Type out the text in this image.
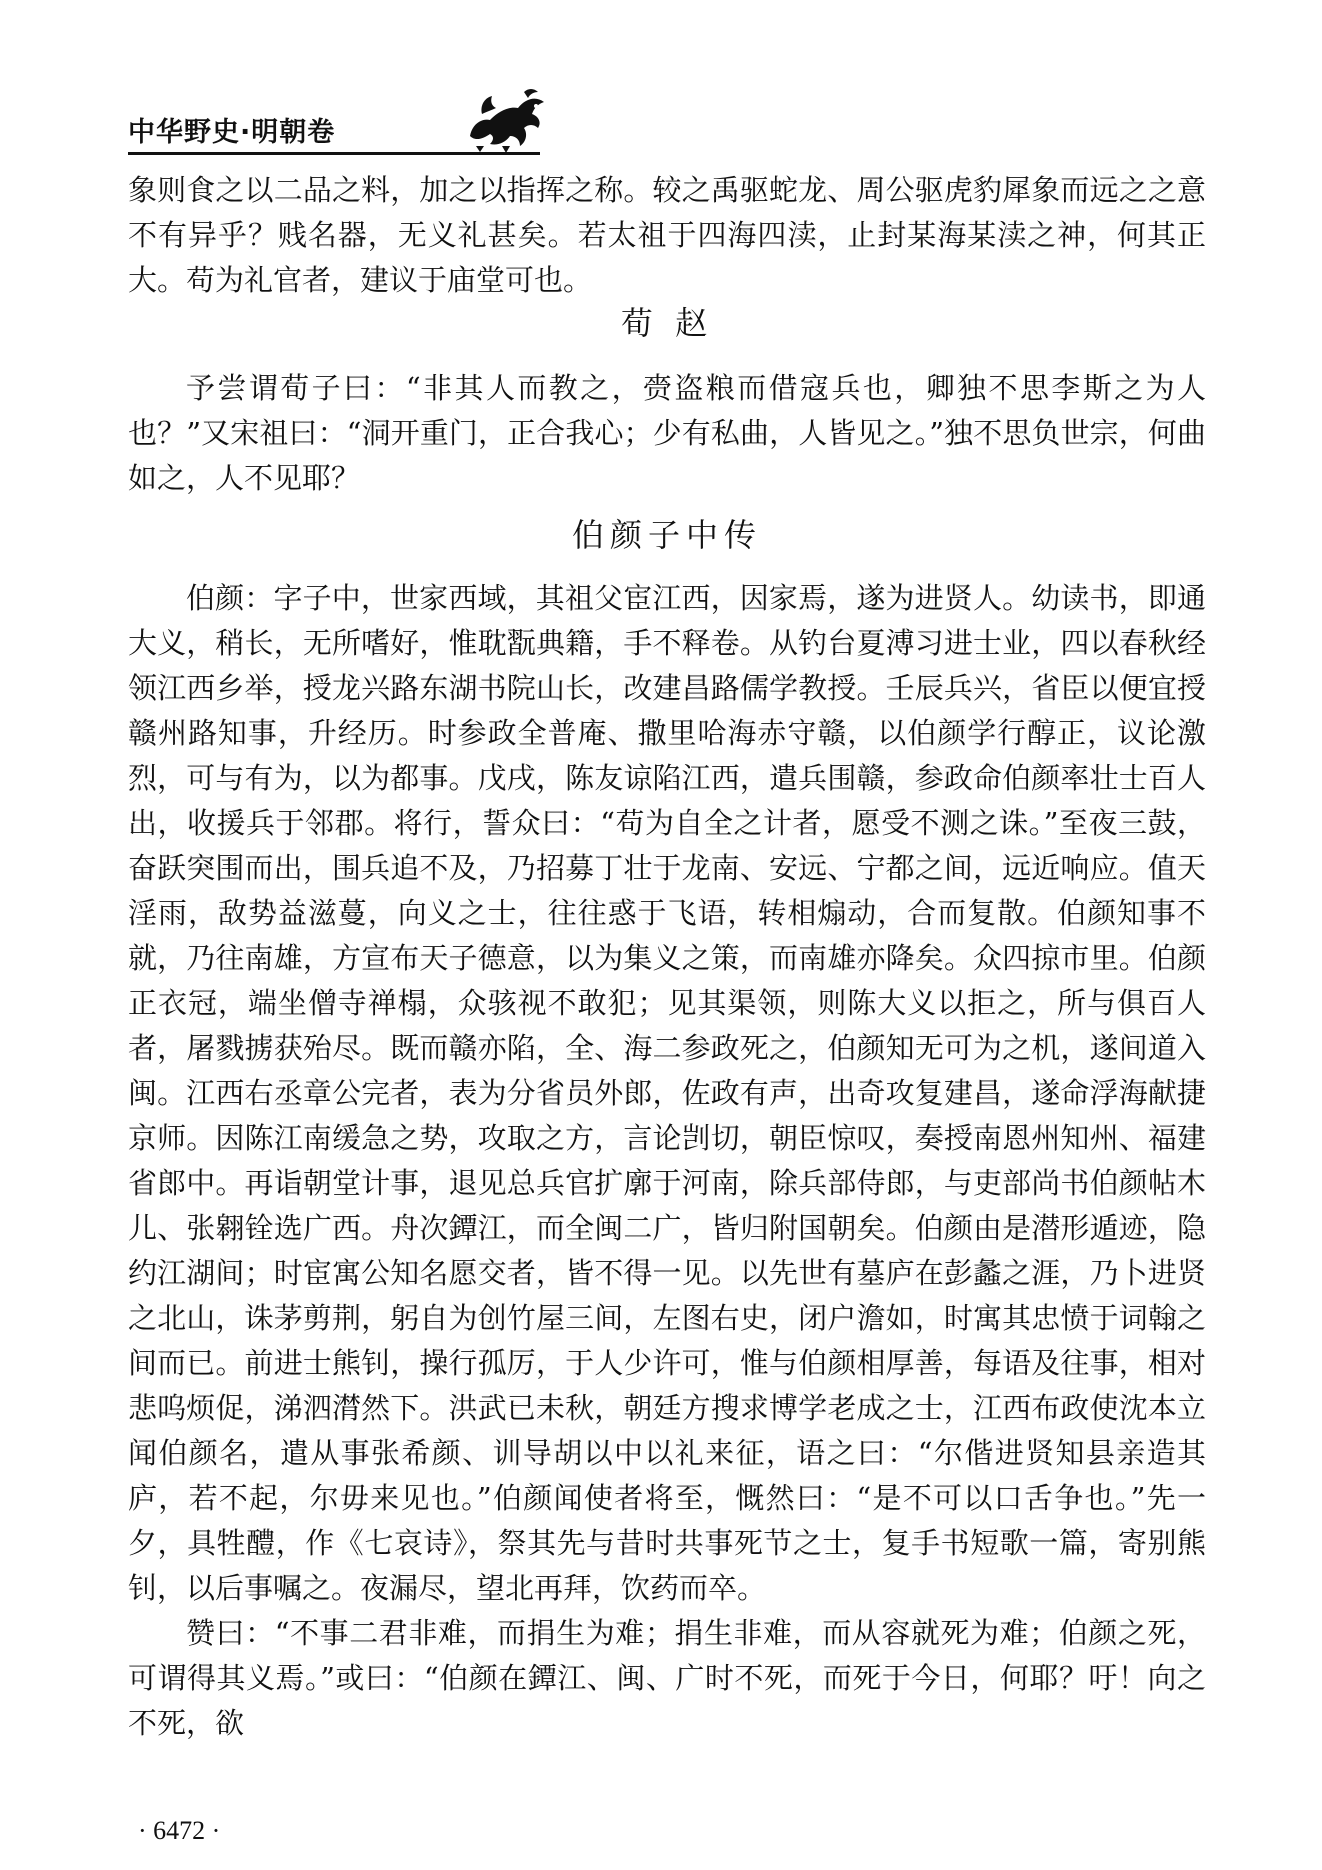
中华野史·明朝卷

象则食之以二品之料，加之以指挥之称。较之禹驱蛇龙、周公驱虎豹犀象而远之之意不有异乎？贱名器，无义礼甚矣。若太祖于四海四渎，止封某海某渎之神，何其正大。苟为礼官者，建议于庙堂可也。

荀 赵

予尝谓荀子曰：“非其人而教之，赍盗粮而借寇兵也，卿独不思李斯之为人也？”又宋祖曰：“洞开重门，正合我心；少有私曲，人皆见之。”独不思负世宗，何曲如之，人不见耶？

伯颜子中传

伯颜：字子中，世家西域，其祖父宦江西，因家焉，遂为进贤人。幼读书，即通大义，稍长，无所嗜好，惟耽翫典籍，手不释卷。从钓台夏溥习进士业，四以春秋经领江西乡举，授龙兴路东湖书院山长，改建昌路儒学教授。壬辰兵兴，省臣以便宜授赣州路知事，升经历。时参政全普庵、撒里哈海赤守赣，以伯颜学行醇正，议论激烈，可与有为，以为都事。戊戌，陈友谅陷江西，遣兵围赣，参政命伯颜率壮士百人出，收援兵于邻郡。将行，誓众曰：“苟为自全之计者，愿受不测之诛。”至夜三鼓，奋跃突围而出，围兵追不及，乃招募丁壮于龙南、安远、宁都之间，远近响应。值天淫雨，敌势益滋蔓，向义之士，往往惑于飞语，转相煽动，合而复散。伯颜知事不就，乃往南雄，方宣布天子德意，以为集义之策，而南雄亦降矣。众四掠市里。伯颜正衣冠，端坐僧寺禅榻，众骇视不敢犯；见其渠领，则陈大义以拒之，所与俱百人者，屠戮掳获殆尽。既而赣亦陷，全、海二参政死之，伯颜知无可为之机，遂间道入闽。江西右丞章公完者，表为分省员外郎，佐政有声，出奇攻复建昌，遂命浮海献捷京师。因陈江南缓急之势，攻取之方，言论剀切，朝臣惊叹，奏授南恩州知州、福建省郎中。再诣朝堂计事，退见总兵官扩廓于河南，除兵部侍郎，与吏部尚书伯颜帖木儿、张翱铨选广西。舟次鐔江，而全闽二广，皆归附国朝矣。伯颜由是潜形遁迹，隐约江湖间；时宦寓公知名愿交者，皆不得一见。以先世有墓庐在彭蠡之涯，乃卜进贤之北山，诛茅剪荆，躬自为创竹屋三间，左图右史，闭户澹如，时寓其忠愤于词翰之间而已。前进士熊钊，操行孤厉，于人少许可，惟与伯颜相厚善，每语及往事，相对悲呜烦促，涕泗潸然下。洪武已未秋，朝廷方搜求博学老成之士，江西布政使沈本立闻伯颜名，遣从事张希颜、训导胡以中以礼来征，语之曰：“尔偕进贤知县亲造其庐，若不起，尔毋来见也。”伯颜闻使者将至，慨然曰：“是不可以口舌争也。”先一夕，具牲醴，作《七哀诗》，祭其先与昔时共事死节之士，复手书短歌一篇，寄别熊钊，以后事嘱之。夜漏尽，望北再拜，饮药而卒。

赞曰：“不事二君非难，而捐生为难；捐生非难，而从容就死为难；伯颜之死，可谓得其义焉。”或曰：“伯颜在鐔江、闽、广时不死，而死于今日，何耶？吁！向之不死，欲

· 6472 ·
